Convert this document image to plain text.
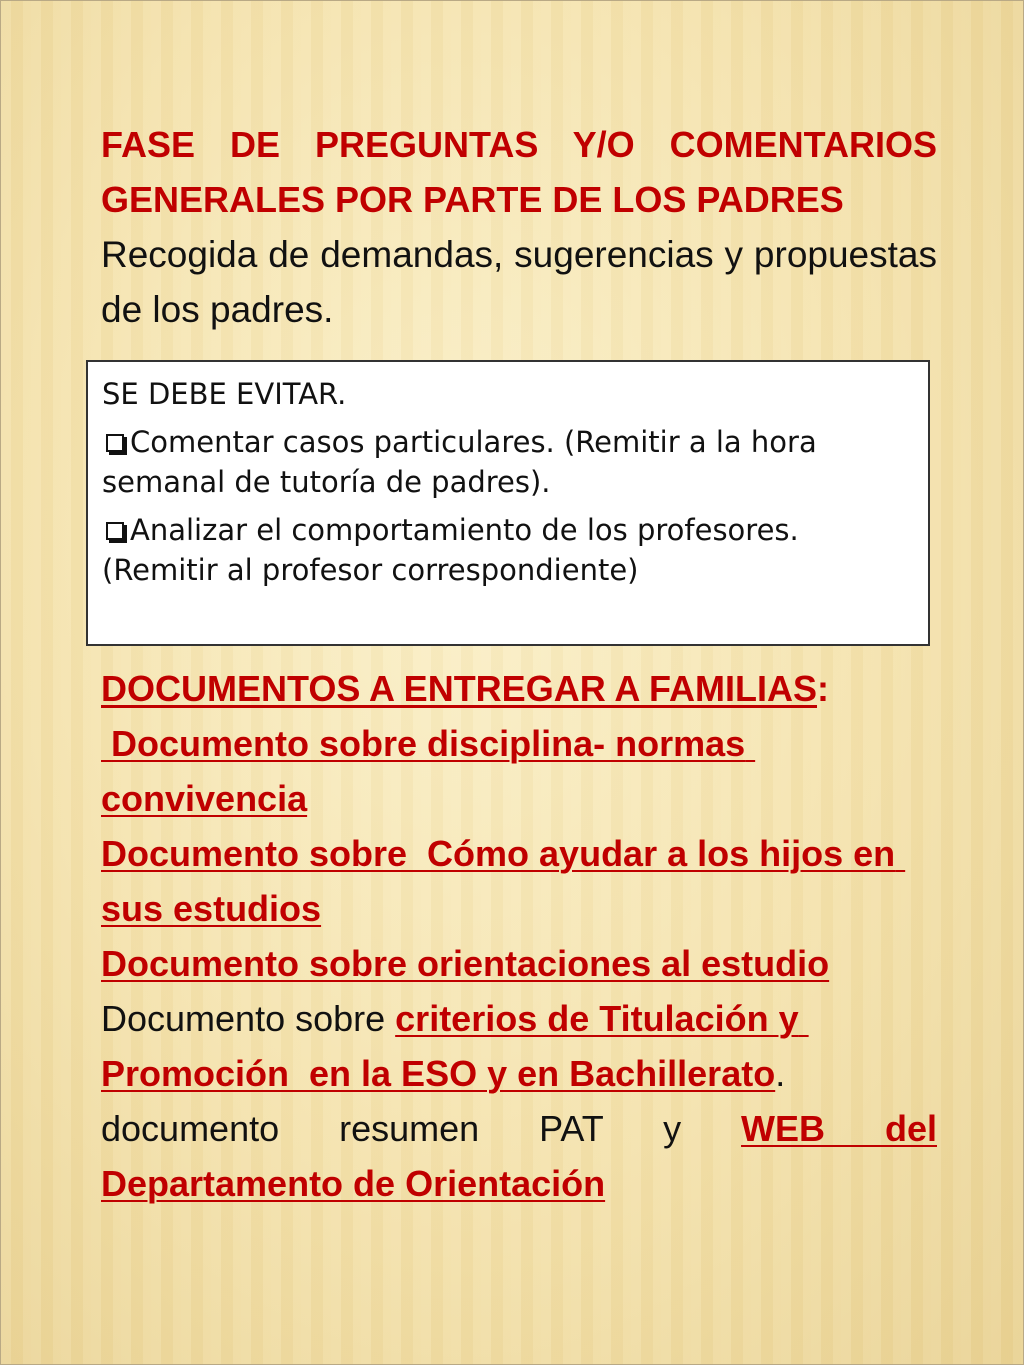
FASE DE PREGUNTAS Y/O COMENTARIOS GENERALES POR PARTE DE LOS PADRES

Recogida de demandas, sugerencias y propuestas de los padres.

SE DEBE EVITAR.

Comentar casos particulares. (Remitir a la hora semanal de tutoría de padres).

Analizar el comportamiento de los profesores. (Remitir al profesor correspondiente)

DOCUMENTOS A ENTREGAR A FAMILIAS:

Documento sobre disciplina- normas convivencia

Documento sobre  Cómo ayudar a los hijos en sus estudios

Documento sobre orientaciones al estudio

Documento sobre criterios de Titulación y Promoción  en la ESO y en Bachillerato.

documento resumen PAT y WEB del Departamento de Orientación
